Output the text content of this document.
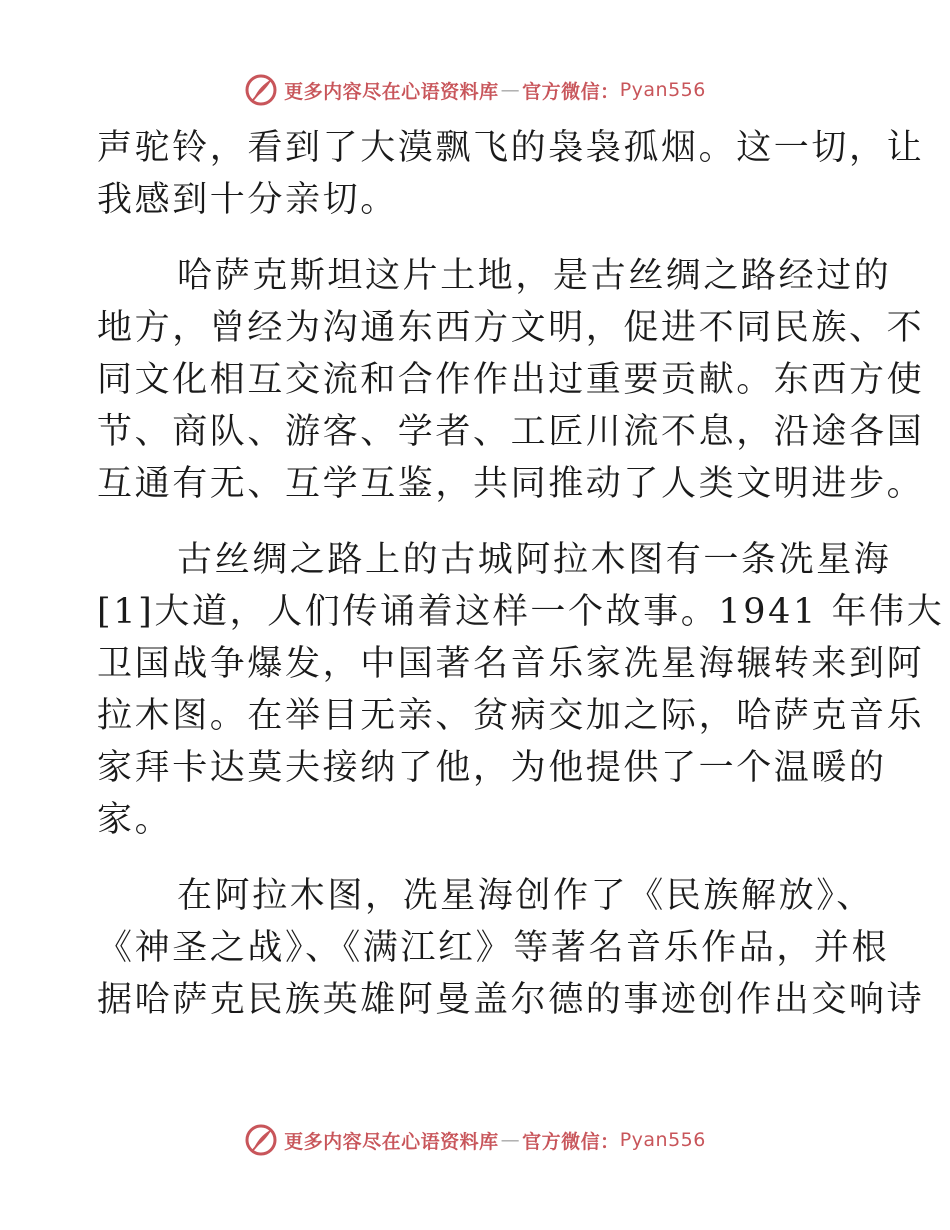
更多内容尽在心语资料库 — 官方微信： Pyan556
声驼铃，看到了大漠飘飞的袅袅孤烟。这一切，让
我感到十分亲切。
哈萨克斯坦这片土地，是古丝绸之路经过的
地方，曾经为沟通东西方文明，促进不同民族、不
同文化相互交流和合作作出过重要贡献。东西方使
节、商队、游客、学者、工匠川流不息，沿途各国
互通有无、互学互鉴，共同推动了人类文明进步。
古丝绸之路上的古城阿拉木图有一条冼星海
[1]大道，人们传诵着这样一个故事。1941 年伟大
卫国战争爆发，中国著名音乐家冼星海辗转来到阿
拉木图。在举目无亲、贫病交加之际，哈萨克音乐
家拜卡达莫夫接纳了他，为他提供了一个温暖的
家。
在阿拉木图，冼星海创作了《民族解放》、
《神圣之战》、《满江红》等著名音乐作品，并根
据哈萨克民族英雄阿曼盖尔德的事迹创作出交响诗
更多内容尽在心语资料库 — 官方微信： Pyan556
